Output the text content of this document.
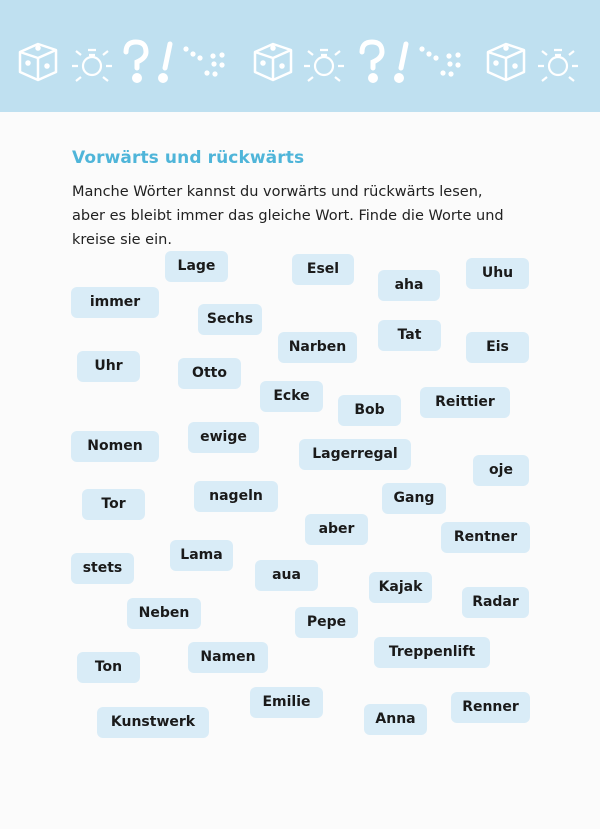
Vorwärts und rückwärts
Manche Wörter kannst du vorwärts und rückwärts lesen,
aber es bleibt immer das gleiche Wort. Finde die Worte und
kreise sie ein.
Lage	Esel
aha
Uhu
immer
Sechs
Narben
Tat
Eis
Uhr	Otto
Ecke
Bob	Reittier
Nomen
ewige
Lagerregal
oje
Tor	nageln	Gang
aber	Rentner
stets
Lama
aua
Kajak
Radar
Neben
Pepe
Ton
Namen	Treppenlift
Emilie	Renner
Kunstwerk	Anna
